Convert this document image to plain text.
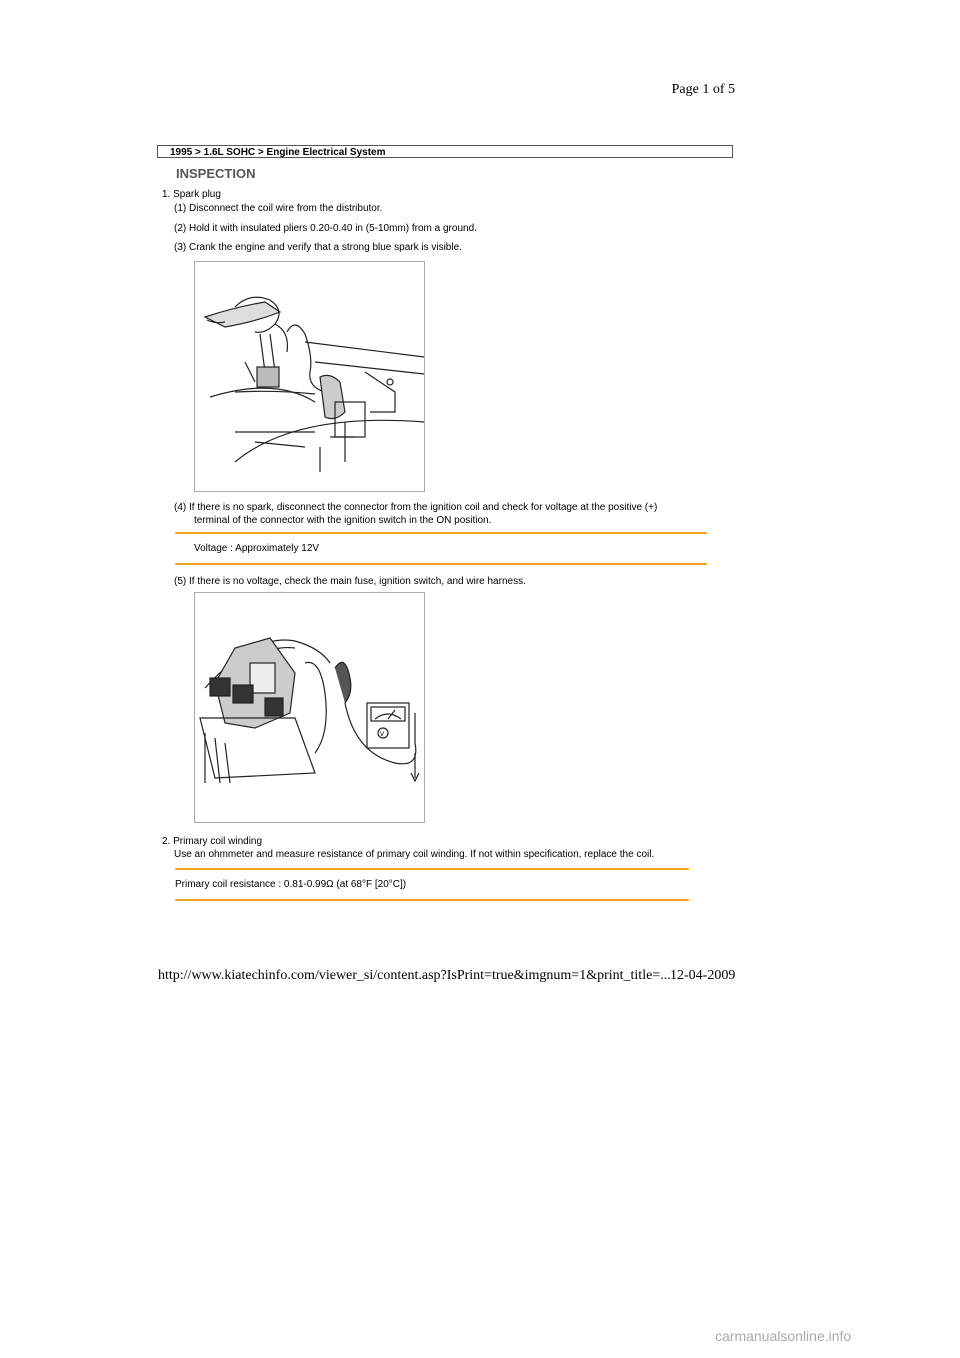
Page 1 of 5
1995 > 1.6L SOHC > Engine Electrical System
INSPECTION
1. Spark plug
(1) Disconnect the coil wire from the distributor.
(2) Hold it with insulated pliers 0.20-0.40 in (5-10mm) from a ground.
(3) Crank the engine and verify that a strong blue spark is visible.
(4) If there is no spark, disconnect the connector from the ignition coil and check for voltage at the positive (+)
terminal of the connector with the ignition switch in the ON position.
Voltage : Approximately 12V
(5) If there is no voltage, check the main fuse, ignition switch, and wire harness.
V
2. Primary coil winding
Use an ohmmeter and measure resistance of primary coil winding. If not within specification, replace the coil.
Primary coil resistance : 0.81-0.99Ω (at 68°F [20°C])
http://www.kiatechinfo.com/viewer_si/content.asp?IsPrint=true&imgnum=1&print_title=... 12-04-2009
carmanualsonline.info
